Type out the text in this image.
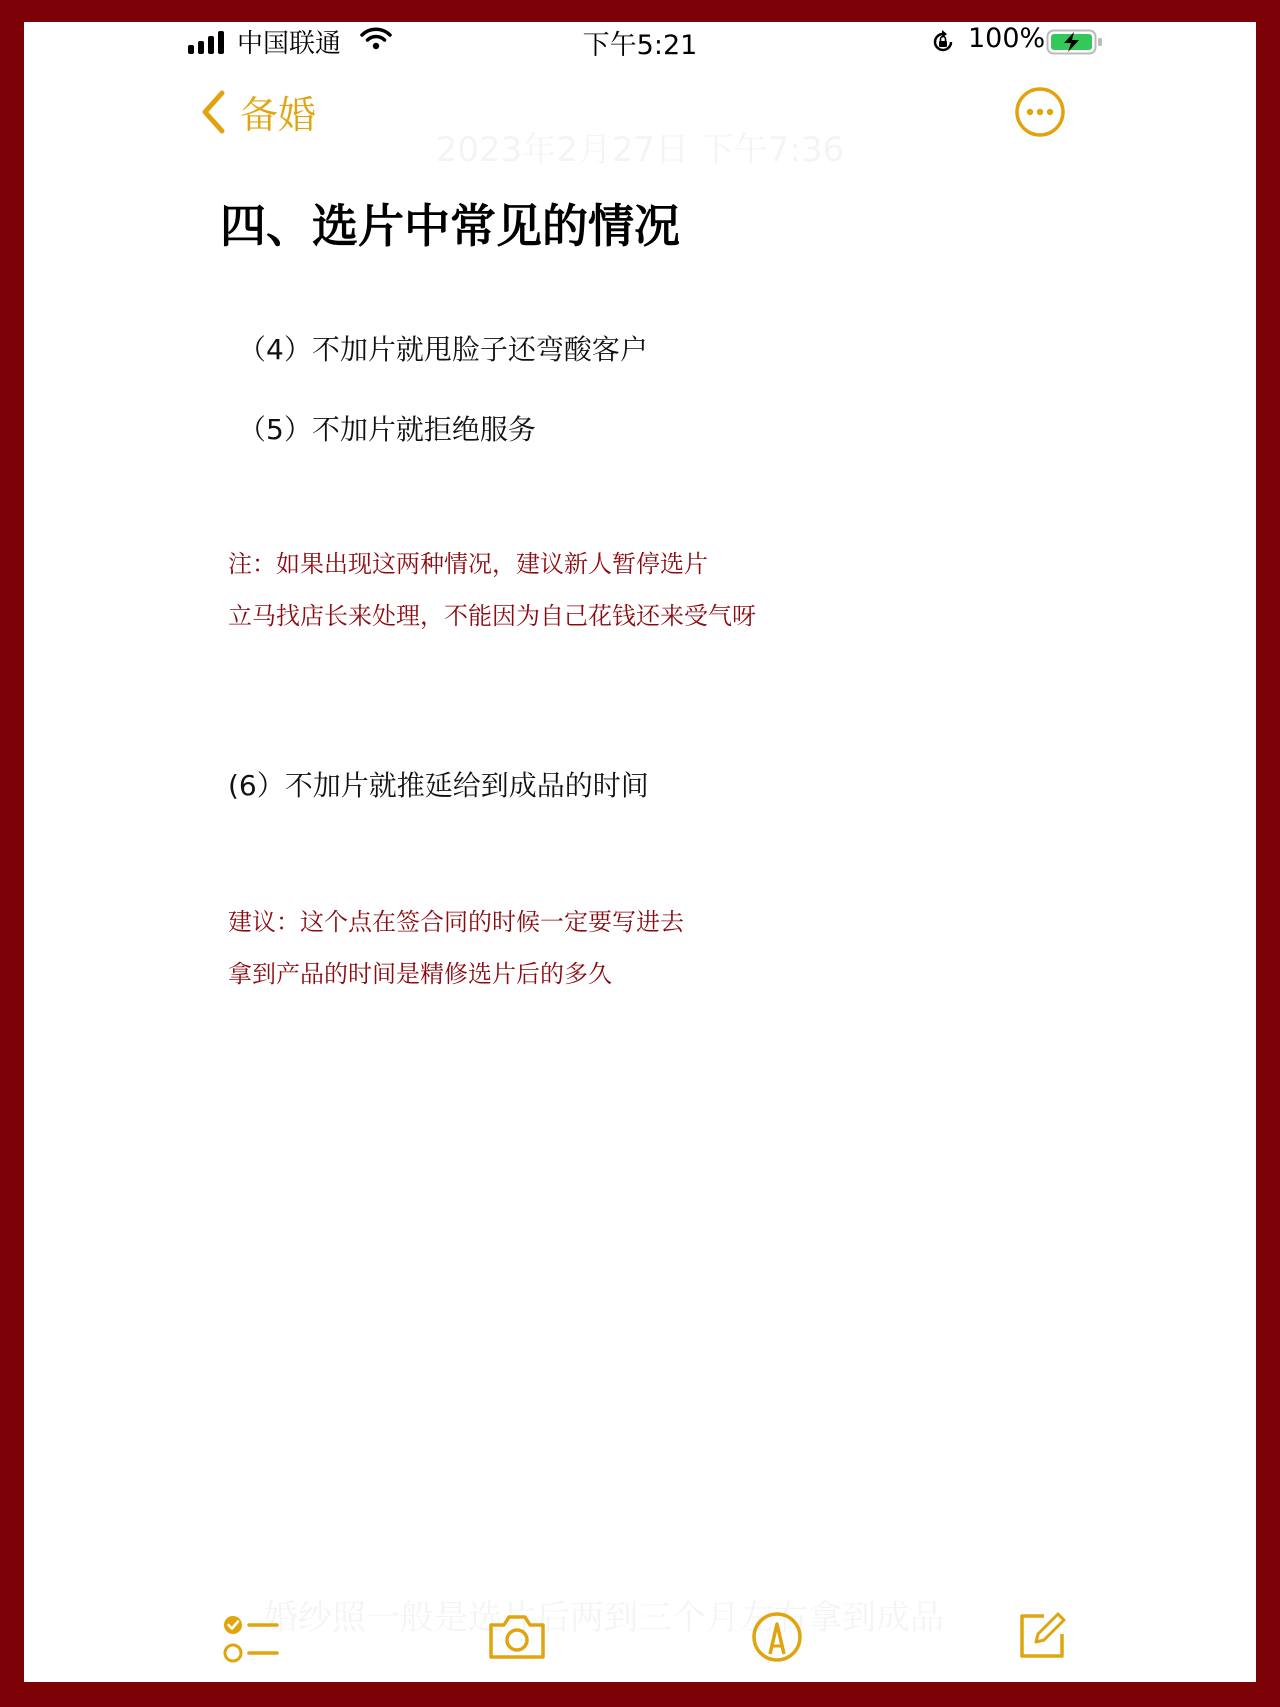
中国联通	下午5:21	100%
备婚
四、选片中常见的情况
（4）不加片就甩脸子还弯酸客户
（5）不加片就拒绝服务
注：如果出现这两种情况，建议新人暂停选片
立马找店长来处理，不能因为自己花钱还来受气呀
(6）不加片就推延给到成品的时间
建议：这个点在签合同的时候一定要写进去
拿到产品的时间是精修选片后的多久
